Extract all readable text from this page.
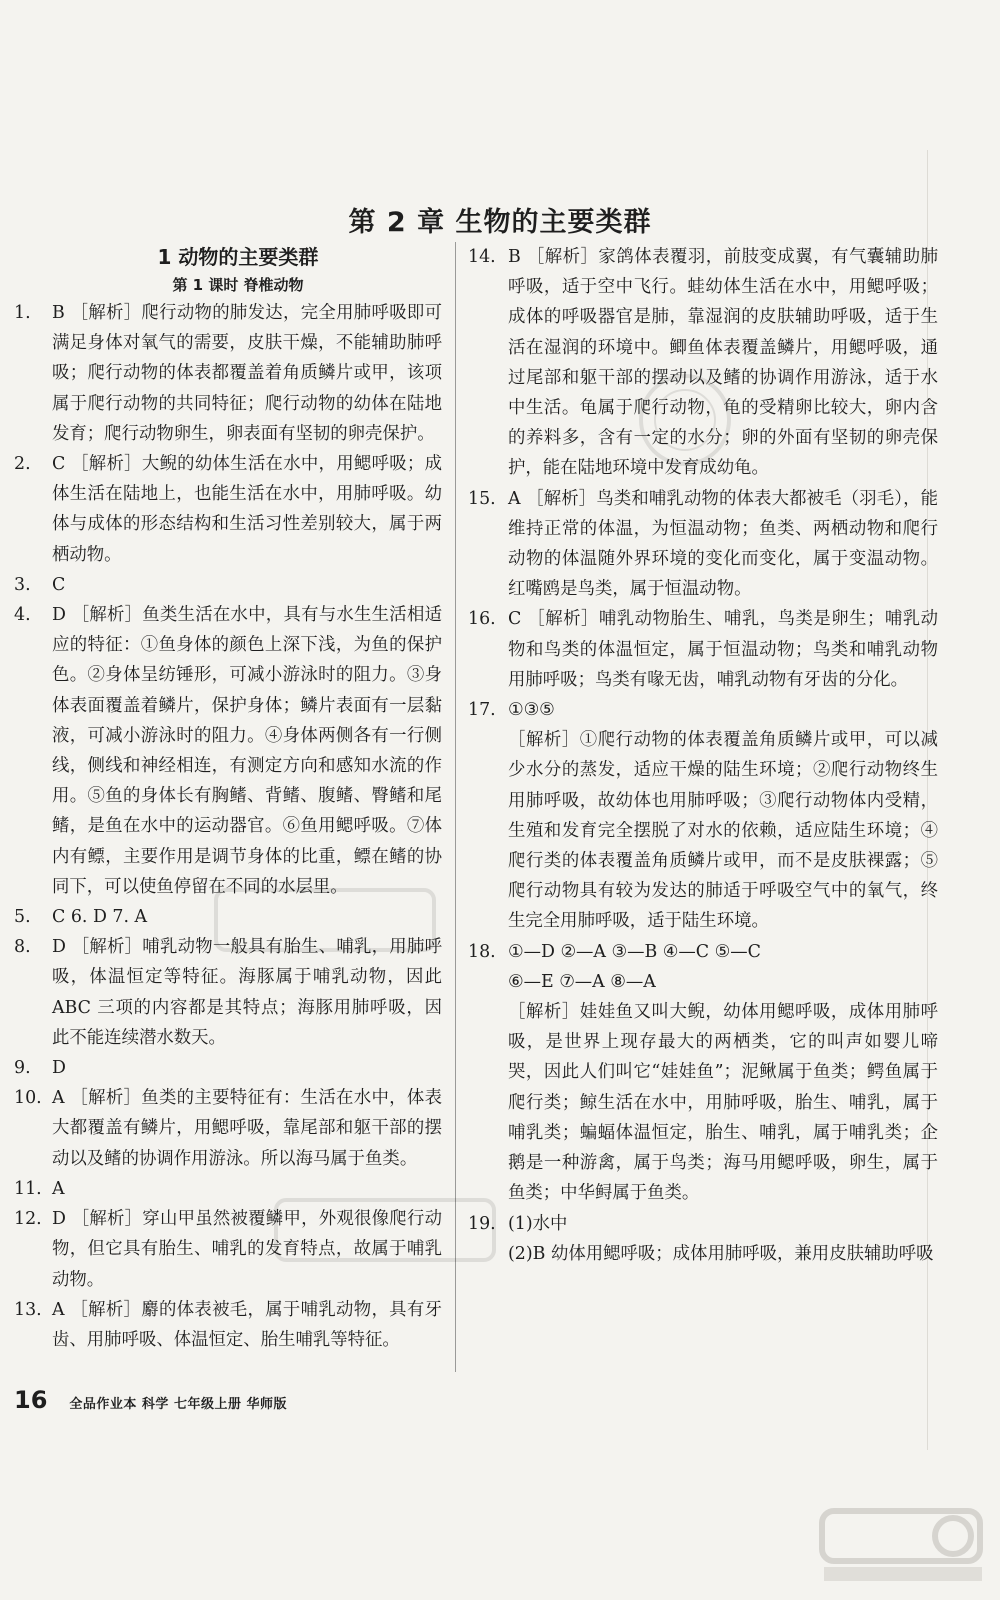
第 2 章 生物的主要类群
1 动物的主要类群
第 1 课时 脊椎动物
1.	B ［解析］爬行动物的肺发达，完全用肺呼吸即可满足身体对氧气的需要，皮肤干燥，不能辅助肺呼吸；爬行动物的体表都覆盖着角质鳞片或甲，该项属于爬行动物的共同特征；爬行动物的幼体在陆地发育；爬行动物卵生，卵表面有坚韧的卵壳保护。
2.	C ［解析］大鲵的幼体生活在水中，用鳃呼吸；成体生活在陆地上，也能生活在水中，用肺呼吸。幼体与成体的形态结构和生活习性差别较大，属于两栖动物。
3.	C
4.	D ［解析］鱼类生活在水中，具有与水生生活相适应的特征：①鱼身体的颜色上深下浅，为鱼的保护色。②身体呈纺锤形，可减小游泳时的阻力。③身体表面覆盖着鳞片，保护身体；鳞片表面有一层黏液，可减小游泳时的阻力。④身体两侧各有一行侧线，侧线和神经相连，有测定方向和感知水流的作用。⑤鱼的身体长有胸鳍、背鳍、腹鳍、臀鳍和尾鳍，是鱼在水中的运动器官。⑥鱼用鳃呼吸。⑦体内有鳔，主要作用是调节身体的比重，鳔在鳍的协同下，可以使鱼停留在不同的水层里。
5.	C 6. D 7. A
8.	D ［解析］哺乳动物一般具有胎生、哺乳，用肺呼吸，体温恒定等特征。海豚属于哺乳动物，因此 ABC 三项的内容都是其特点；海豚用肺呼吸，因此不能连续潜水数天。
9.	D
10. A ［解析］鱼类的主要特征有：生活在水中，体表大都覆盖有鳞片，用鳃呼吸，靠尾部和躯干部的摆动以及鳍的协调作用游泳。所以海马属于鱼类。
11. A
12. D ［解析］穿山甲虽然被覆鳞甲，外观很像爬行动物，但它具有胎生、哺乳的发育特点，故属于哺乳动物。
13. A ［解析］麝的体表被毛，属于哺乳动物，具有牙齿、用肺呼吸、体温恒定、胎生哺乳等特征。
14. B ［解析］家鸽体表覆羽，前肢变成翼，有气囊辅助肺呼吸，适于空中飞行。蛙幼体生活在水中，用鳃呼吸；成体的呼吸器官是肺，靠湿润的皮肤辅助呼吸，适于生活在湿润的环境中。鲫鱼体表覆盖鳞片，用鳃呼吸，通过尾部和躯干部的摆动以及鳍的协调作用游泳，适于水中生活。龟属于爬行动物，龟的受精卵比较大，卵内含的养料多，含有一定的水分；卵的外面有坚韧的卵壳保护，能在陆地环境中发育成幼龟。
15. A ［解析］鸟类和哺乳动物的体表大都被毛（羽毛），能维持正常的体温，为恒温动物；鱼类、两栖动物和爬行动物的体温随外界环境的变化而变化，属于变温动物。红嘴鸥是鸟类，属于恒温动物。
16. C ［解析］哺乳动物胎生、哺乳，鸟类是卵生；哺乳动物和鸟类的体温恒定，属于恒温动物；鸟类和哺乳动物用肺呼吸；鸟类有喙无齿，哺乳动物有牙齿的分化。
17. ①③⑤
［解析］①爬行动物的体表覆盖角质鳞片或甲，可以减少水分的蒸发，适应干燥的陆生环境；②爬行动物终生用肺呼吸，故幼体也用肺呼吸；③爬行动物体内受精，生殖和发育完全摆脱了对水的依赖，适应陆生环境；④爬行类的体表覆盖角质鳞片或甲，而不是皮肤裸露；⑤爬行动物具有较为发达的肺适于呼吸空气中的氧气，终生完全用肺呼吸，适于陆生环境。
18. ①—D ②—A ③—B ④—C ⑤—C
⑥—E ⑦—A ⑧—A
［解析］娃娃鱼又叫大鲵，幼体用鳃呼吸，成体用肺呼吸，是世界上现存最大的两栖类，它的叫声如婴儿啼哭，因此人们叫它“娃娃鱼”；泥鳅属于鱼类；鳄鱼属于爬行类；鲸生活在水中，用肺呼吸，胎生、哺乳，属于哺乳类；蝙蝠体温恒定，胎生、哺乳，属于哺乳类；企鹅是一种游禽，属于鸟类；海马用鳃呼吸，卵生，属于鱼类；中华鲟属于鱼类。
19. (1)水中
(2)B 幼体用鳃呼吸；成体用肺呼吸，兼用皮肤辅助呼吸
16 全品作业本 科学 七年级上册 华师版
